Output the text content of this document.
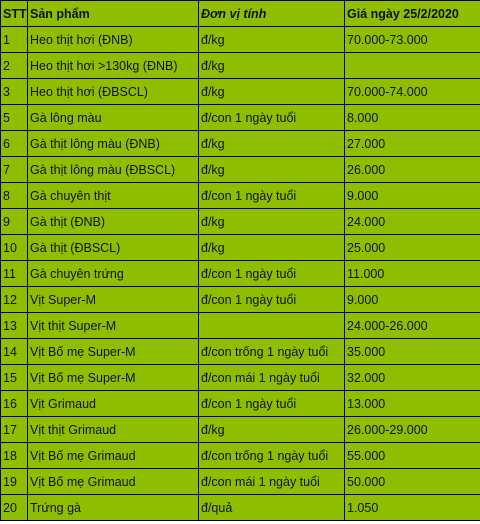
STT	Sản phẩm	Đơn vị tính	Giá ngày 25/2/2020
1	Heo thịt hơi (ĐNB)	đ/kg	70.000-73.000
2	Heo thịt hơi >130kg (ĐNB)	đ/kg	
3	Heo thịt hơi (ĐBSCL)	đ/kg	70.000-74.000
5	Gà lông màu	đ/con 1 ngày tuổi	8.000
6	Gà thịt lông màu (ĐNB)	đ/kg	27.000
7	Gà thịt lông màu (ĐBSCL)	đ/kg	26.000
8	Gà chuyên thịt	đ/con 1 ngày tuổi	9.000
9	Gà thịt (ĐNB)	đ/kg	24.000
10	Gà thịt (ĐBSCL)	đ/kg	25.000
11	Gà chuyên trứng	đ/con 1 ngày tuổi	11.000
12	Vịt Super-M	đ/con 1 ngày tuổi	9.000
13	Vịt thịt Super-M		24.000-26.000
14	Vịt Bố mẹ Super-M	đ/con trống 1 ngày tuổi	35.000
15	Vịt Bố mẹ Super-M	đ/con mái 1 ngày tuổi	32.000
16	Vịt Grimaud	đ/con 1 ngày tuổi	13.000
17	Vịt thịt Grimaud	đ/kg	26.000-29.000
18	Vịt Bố mẹ Grimaud	đ/con trống 1 ngày tuổi	55.000
19	Vịt Bố mẹ Grimaud	đ/con mái 1 ngày tuổi	50.000
20	Trứng gà	đ/quả	1.050
